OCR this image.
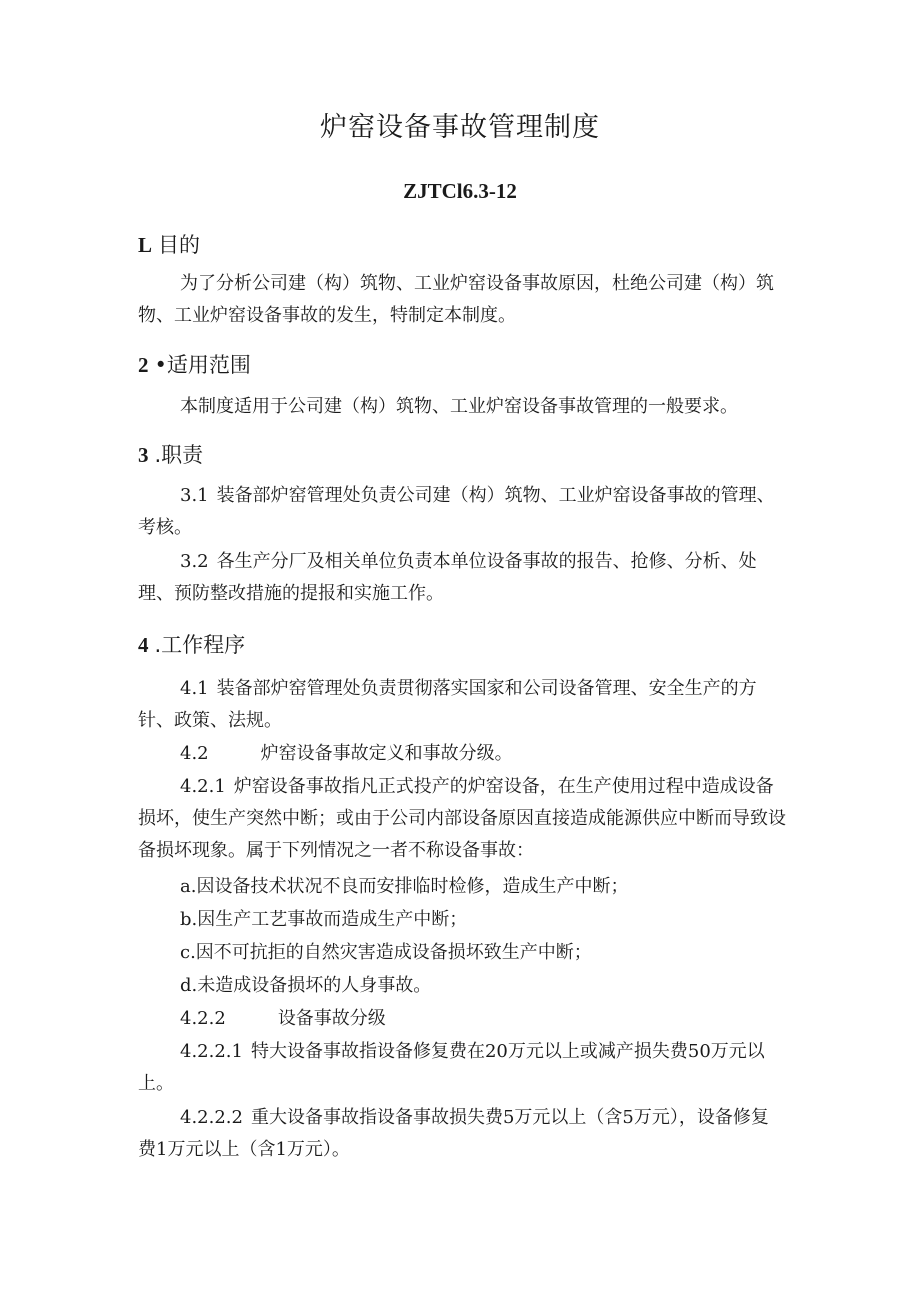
炉窑设备事故管理制度
ZJTCl6.3-12
L 目的
为了分析公司建（构）筑物、工业炉窑设备事故原因，杜绝公司建（构）筑物、工业炉窑设备事故的发生，特制定本制度。
2 •适用范围
本制度适用于公司建（构）筑物、工业炉窑设备事故管理的一般要求。
3 .职责
3.1 装备部炉窑管理处负责公司建（构）筑物、工业炉窑设备事故的管理、考核。
3.2 各生产分厂及相关单位负责本单位设备事故的报告、抢修、分析、处理、预防整改措施的提报和实施工作。
4 .工作程序
4.1 装备部炉窑管理处负责贯彻落实国家和公司设备管理、安全生产的方针、政策、法规。
4.2	炉窑设备事故定义和事故分级。
4.2.1 炉窑设备事故指凡正式投产的炉窑设备，在生产使用过程中造成设备损坏，使生产突然中断；或由于公司内部设备原因直接造成能源供应中断而导致设备损坏现象。属于下列情况之一者不称设备事故：
a.因设备技术状况不良而安排临时检修，造成生产中断；
b.因生产工艺事故而造成生产中断；
c.因不可抗拒的自然灾害造成设备损坏致生产中断；
d.未造成设备损坏的人身事故。
4.2.2	设备事故分级
4.2.2.1 特大设备事故指设备修复费在20万元以上或减产损失费50万元以上。
4.2.2.2 重大设备事故指设备事故损失费5万元以上（含5万元），设备修复费1万元以上（含1万元）。
